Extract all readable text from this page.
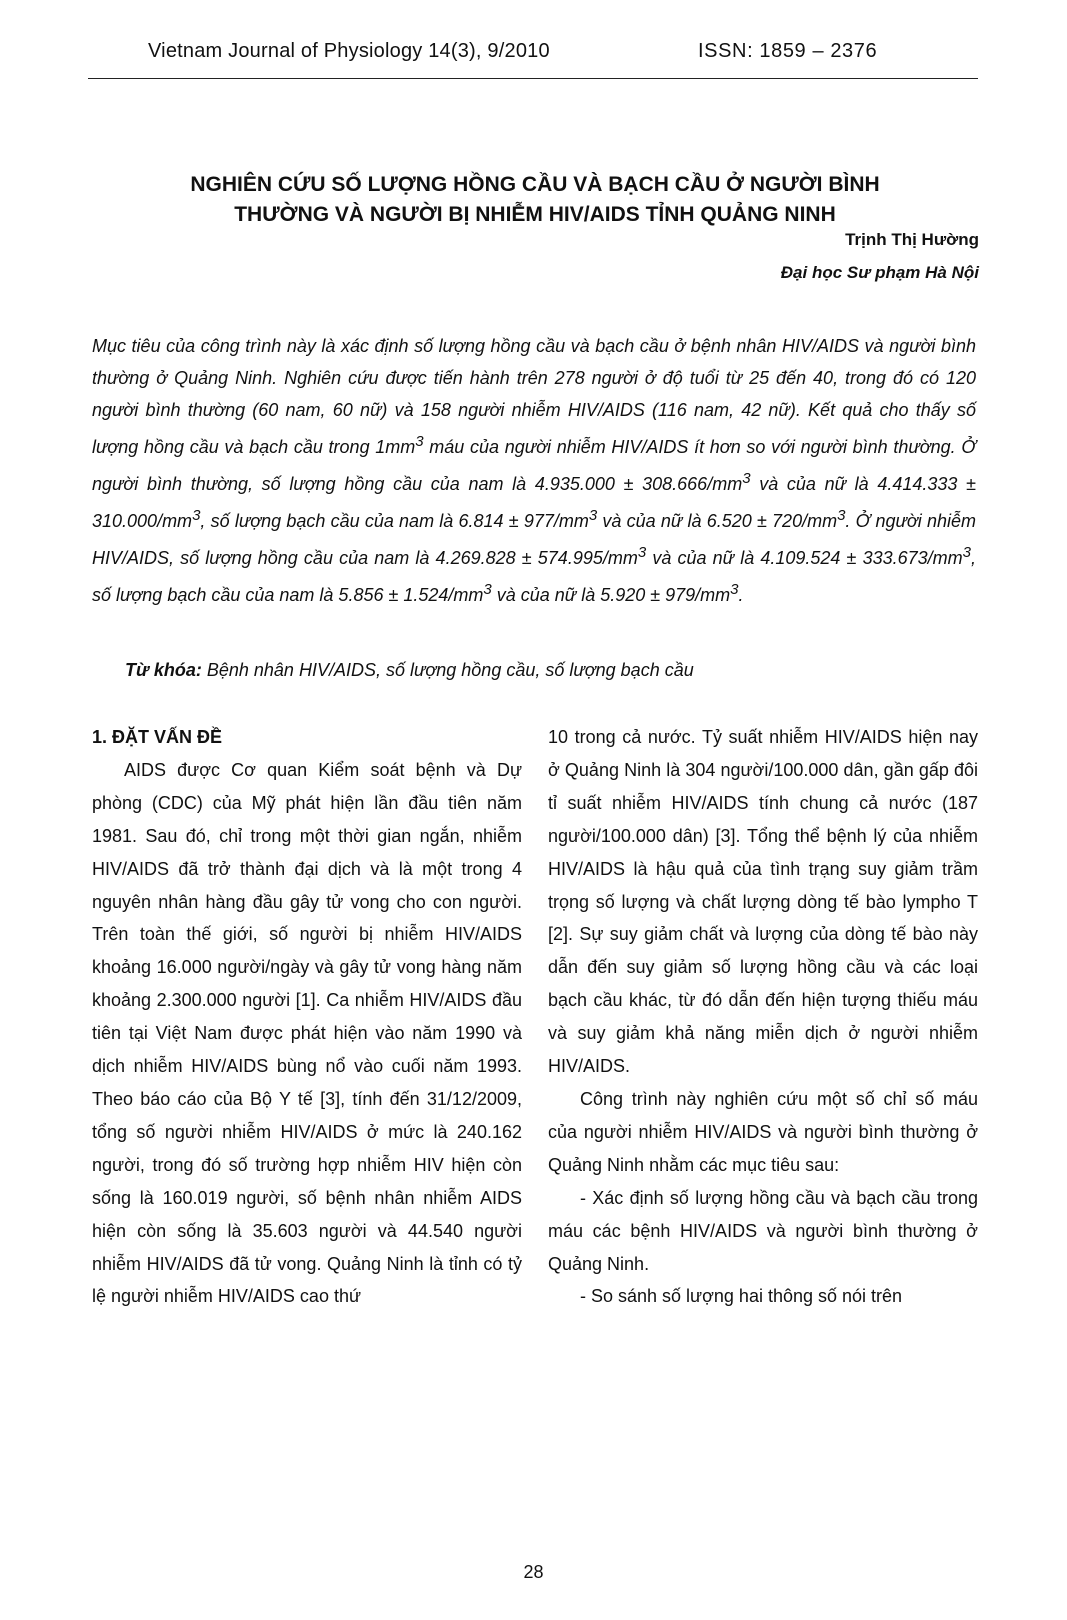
Vietnam Journal of Physiology 14(3), 9/2010	ISSN: 1859 – 2376
NGHIÊN CỨU SỐ LƯỢNG HỒNG CẦU VÀ BẠCH CẦU Ở NGƯỜI BÌNH
THƯỜNG VÀ NGƯỜI BỊ NHIỄM HIV/AIDS TỈNH QUẢNG NINH
Trịnh Thị Hường
Đại học Sư phạm Hà Nội

Mục tiêu của công trình này là xác định số lượng hồng cầu và bạch cầu ở bệnh nhân HIV/AIDS và người bình thường ở Quảng Ninh. Nghiên cứu được tiến hành trên 278 người ở độ tuổi từ 25 đến 40, trong đó có 120 người bình thường (60 nam, 60 nữ) và 158 người nhiễm HIV/AIDS (116 nam, 42 nữ). Kết quả cho thấy số lượng hồng cầu và bạch cầu trong $1mm^3$ máu của người nhiễm HIV/AIDS ít hơn so với người bình thường. Ở người bình thường, số lượng hồng cầu của nam là $4.935.000 \pm 308.666/mm^3$ và của nữ là $4.414.333 \pm 310.000/mm^3$, số lượng bạch cầu của nam là $6.814 \pm 977/mm^3$ và của nữ là $6.520 \pm 720/mm^3$. Ở người nhiễm HIV/AIDS, số lượng hồng cầu của nam là $4.269.828 \pm 574.995/mm^3$ và của nữ là $4.109.524 \pm 333.673/mm^3$, số lượng bạch cầu của nam là $5.856 \pm 1.524/mm^3$ và của nữ là $5.920 \pm 979/mm^3$.

Từ khóa: Bệnh nhân HIV/AIDS, số lượng hồng cầu, số lượng bạch cầu

1. ĐẶT VẤN ĐỀ

AIDS được Cơ quan Kiểm soát bệnh và Dự phòng (CDC) của Mỹ phát hiện lần đầu tiên năm 1981. Sau đó, chỉ trong một thời gian ngắn, nhiễm HIV/AIDS đã trở thành đại dịch và là một trong 4 nguyên nhân hàng đầu gây tử vong cho con người. Trên toàn thế giới, số người bị nhiễm HIV/AIDS khoảng 16.000 người/ngày và gây tử vong hàng năm khoảng 2.300.000 người [1]. Ca nhiễm HIV/AIDS đầu tiên tại Việt Nam được phát hiện vào năm 1990 và dịch nhiễm HIV/AIDS bùng nổ vào cuối năm 1993. Theo báo cáo của Bộ Y tế [3], tính đến 31/12/2009, tổng số người nhiễm HIV/AIDS ở mức là 240.162 người, trong đó số trường hợp nhiễm HIV hiện còn sống là 160.019 người, số bệnh nhân nhiễm AIDS hiện còn sống là 35.603 người và 44.540 người nhiễm HIV/AIDS đã tử vong. Quảng Ninh là tỉnh có tỷ lệ người nhiễm HIV/AIDS cao thứ

10 trong cả nước. Tỷ suất nhiễm HIV/AIDS hiện nay ở Quảng Ninh là 304 người/100.000 dân, gần gấp đôi tỉ suất nhiễm HIV/AIDS tính chung cả nước (187 người/100.000 dân) [3]. Tổng thể bệnh lý của nhiễm HIV/AIDS là hậu quả của tình trạng suy giảm trầm trọng số lượng và chất lượng dòng tế bào lympho T [2]. Sự suy giảm chất và lượng của dòng tế bào này dẫn đến suy giảm số lượng hồng cầu và các loại bạch cầu khác, từ đó dẫn đến hiện tượng thiếu máu và suy giảm khả năng miễn dịch ở người nhiễm HIV/AIDS.

Công trình này nghiên cứu một số chỉ số máu của người nhiễm HIV/AIDS và người bình thường ở Quảng Ninh nhằm các mục tiêu sau:

- Xác định số lượng hồng cầu và bạch cầu trong máu các bệnh HIV/AIDS và người bình thường ở Quảng Ninh.

- So sánh số lượng hai thông số nói trên

28
